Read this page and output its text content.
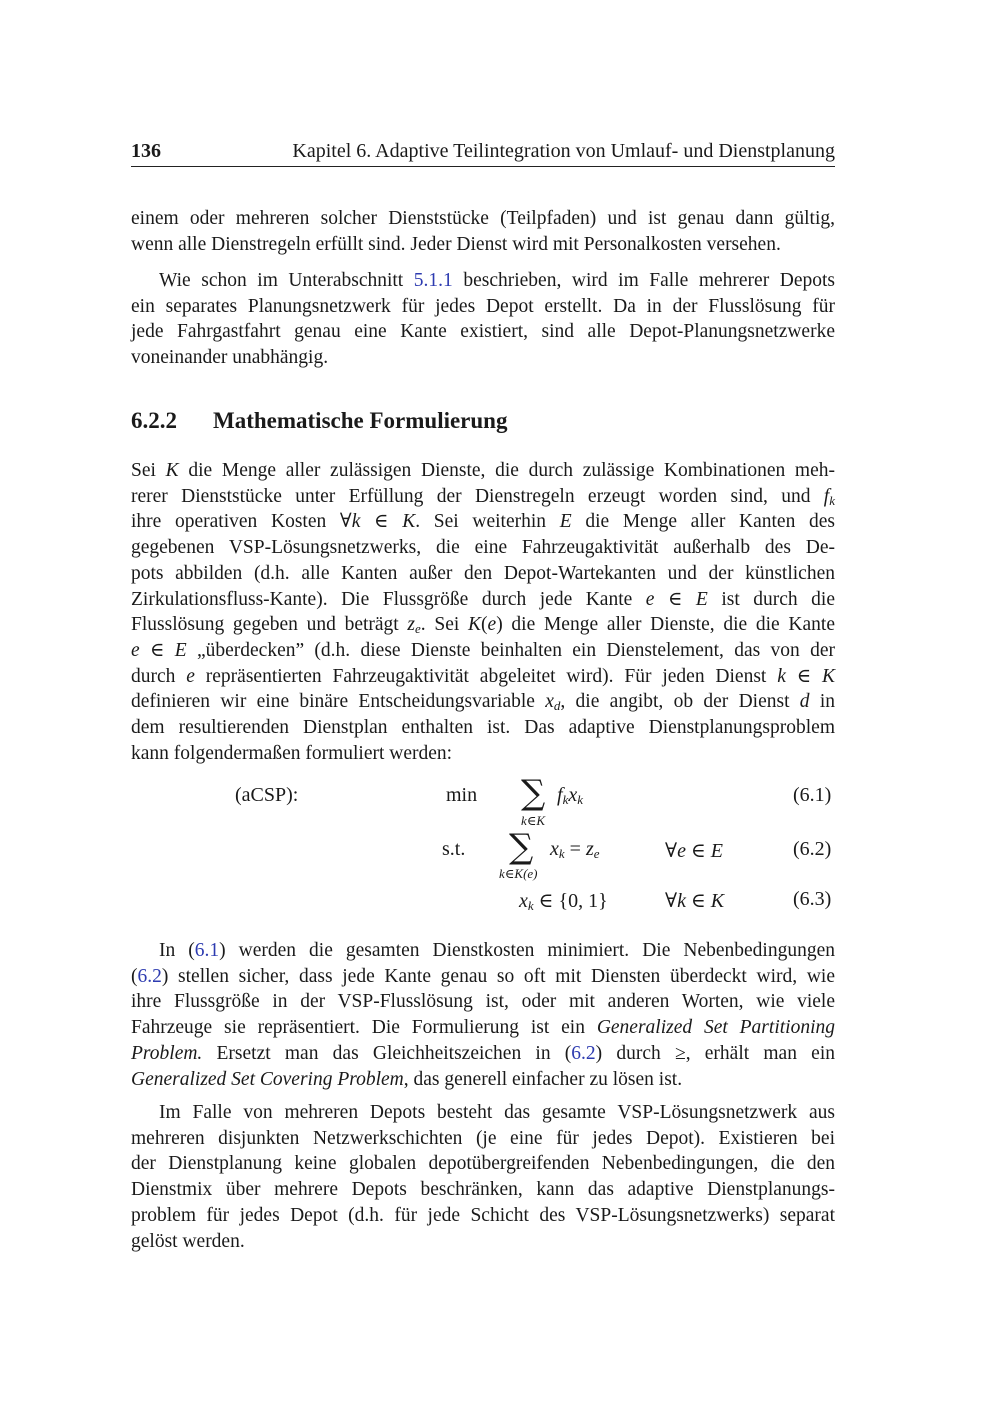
136	Kapitel 6. Adaptive Teilintegration von Umlauf- und Dienstplanung
einem oder mehreren solcher Dienststücke (Teilpfaden) und ist genau dann gültig,
wenn alle Dienstregeln erfüllt sind. Jeder Dienst wird mit Personalkosten versehen.
Wie schon im Unterabschnitt 5.1.1 beschrieben, wird im Falle mehrerer Depots
ein separates Planungsnetzwerk für jedes Depot erstellt. Da in der Flusslösung für
jede Fahrgastfahrt genau eine Kante existiert, sind alle Depot-Planungsnetzwerke
voneinander unabhängig.
6.2.2 Mathematische Formulierung
Sei K die Menge aller zulässigen Dienste, die durch zulässige Kombinationen meh-
rerer Dienststücke unter Erfüllung der Dienstregeln erzeugt worden sind, und $f_k$
ihre operativen Kosten ∀k ∈ K. Sei weiterhin E die Menge aller Kanten des
gegebenen VSP-Lösungsnetzwerks, die eine Fahrzeugaktivität außerhalb des De-
pots abbilden (d.h. alle Kanten außer den Depot-Wartekanten und der künstlichen
Zirkulationsfluss-Kante). Die Flussgröße durch jede Kante e ∈ E ist durch die
Flusslösung gegeben und beträgt $z_e$. Sei K(e) die Menge aller Dienste, die die Kante
e ∈ E „überdecken” (d.h. diese Dienste beinhalten ein Dienstelement, das von der
durch e repräsentierten Fahrzeugaktivität abgeleitet wird). Für jeden Dienst k ∈ K
definieren wir eine binäre Entscheidungsvariable $x_d$, die angibt, ob der Dienst d in
dem resultierenden Dienstplan enthalten ist. Das adaptive Dienstplanungsproblem
kann folgendermaßen formuliert werden:
(aCSP):	min ∑
k∈K
$f_kx_k$	(6.1)
s.t. ∑
k∈K(e)
$x_k = z_e$	∀e ∈ E	(6.2)
$x_k$ ∈ {0, 1}	∀k ∈ K	(6.3)
In (6.1) werden die gesamten Dienstkosten minimiert. Die Nebenbedingungen
(6.2) stellen sicher, dass jede Kante genau so oft mit Diensten überdeckt wird, wie
ihre Flussgröße in der VSP-Flusslösung ist, oder mit anderen Worten, wie viele
Fahrzeuge sie repräsentiert. Die Formulierung ist ein Generalized Set Partitioning
Problem. Ersetzt man das Gleichheitszeichen in (6.2) durch ≥, erhält man ein
Generalized Set Covering Problem, das generell einfacher zu lösen ist.
Im Falle von mehreren Depots besteht das gesamte VSP-Lösungsnetzwerk aus
mehreren disjunkten Netzwerkschichten (je eine für jedes Depot). Existieren bei
der Dienstplanung keine globalen depotübergreifenden Nebenbedingungen, die den
Dienstmix über mehrere Depots beschränken, kann das adaptive Dienstplanungs-
problem für jedes Depot (d.h. für jede Schicht des VSP-Lösungsnetzwerks) separat
gelöst werden.
